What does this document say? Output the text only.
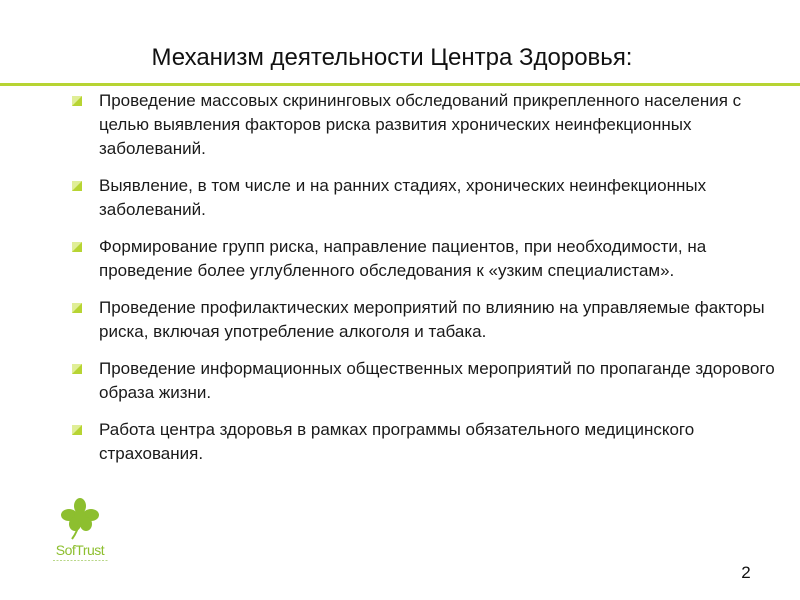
Механизм деятельности Центра Здоровья:
Проведение массовых скрининговых обследований прикрепленного населения с целью выявления факторов риска развития хронических неинфекционных заболеваний.
Выявление, в том числе и на ранних стадиях, хронических неинфекционных заболеваний.
Формирование групп риска, направление пациентов, при необходимости, на проведение более углубленного обследования к «узким специалистам».
Проведение профилактических мероприятий по влиянию на управляемые факторы риска, включая употребление алкоголя и табака.
Проведение информационных общественных мероприятий по пропаганде здорового образа жизни.
Работа центра здоровья в рамках программы обязательного медицинского страхования.
SofTrust
2
